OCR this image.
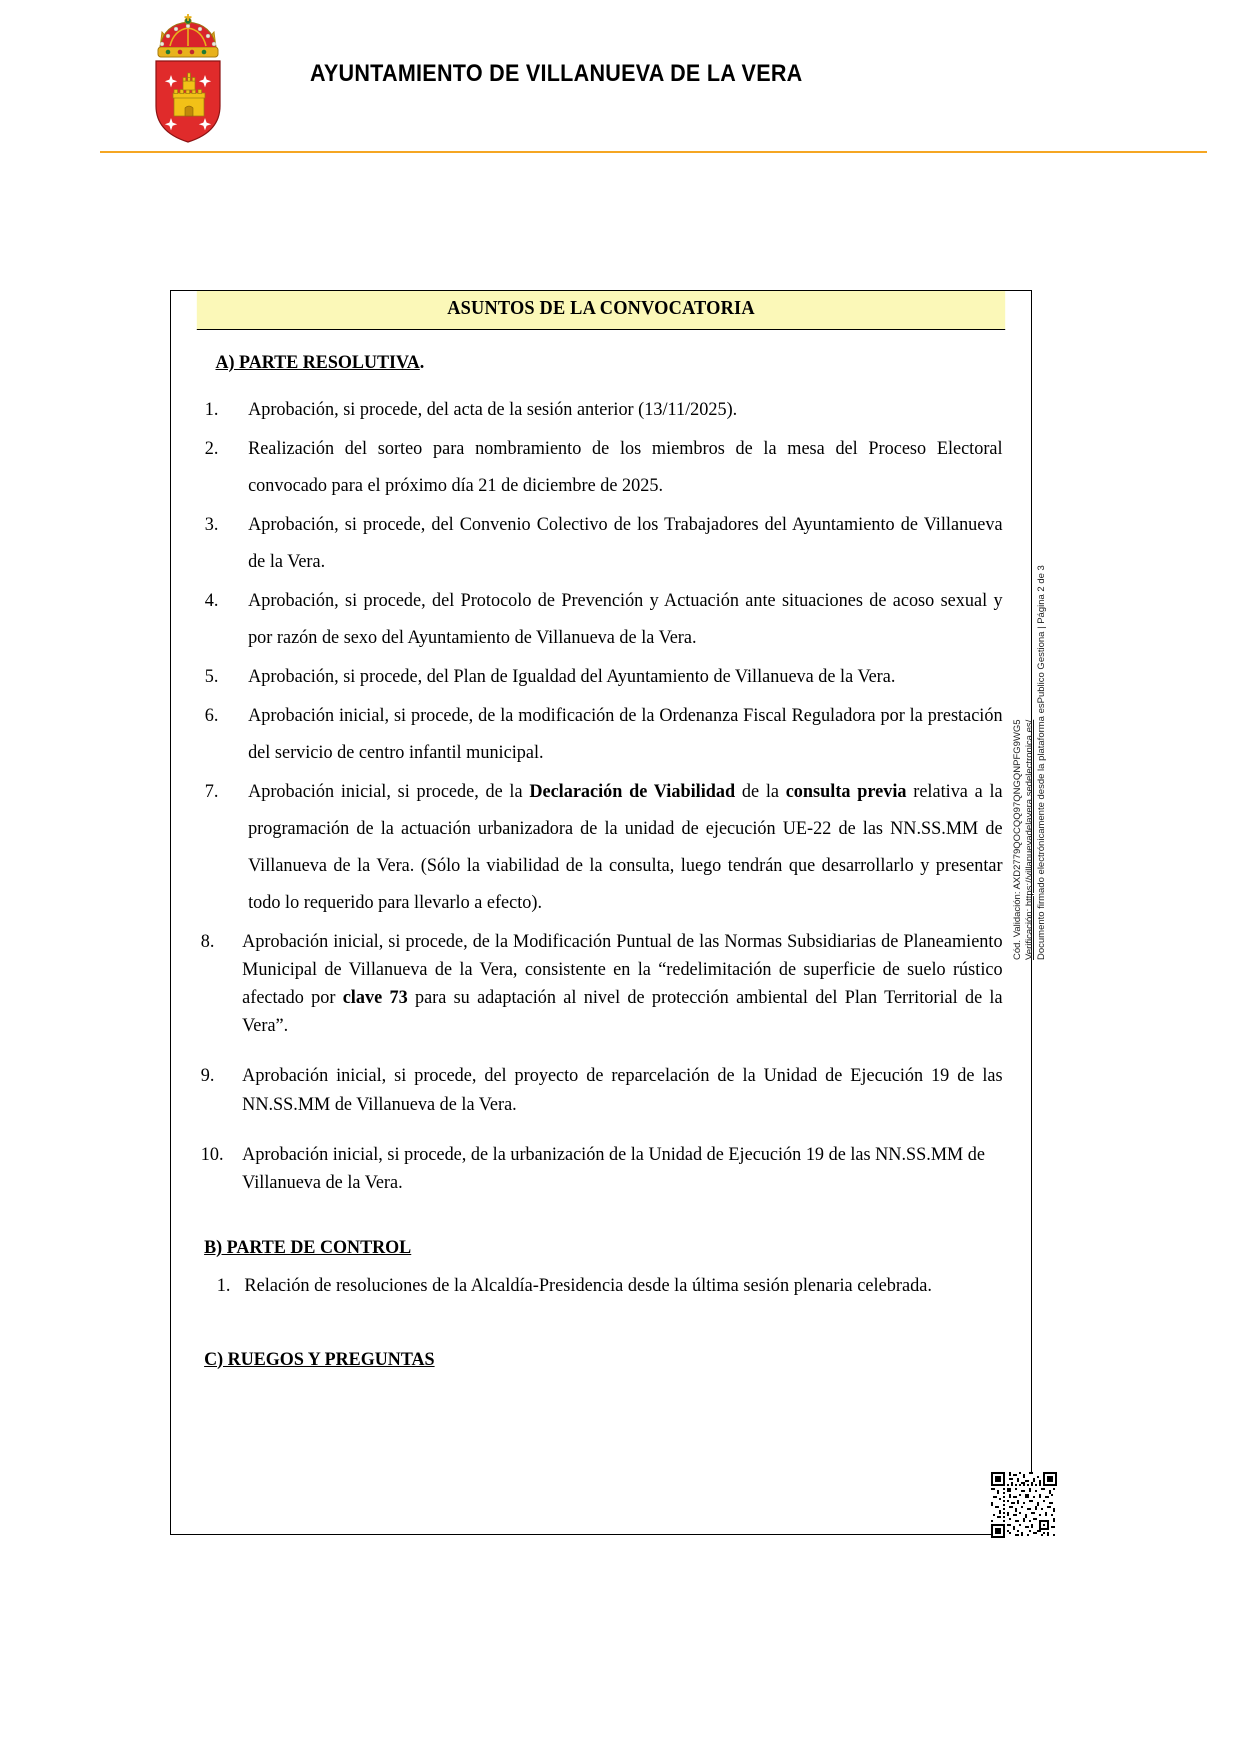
AYUNTAMIENTO DE VILLANUEVA DE LA VERA
ASUNTOS DE LA CONVOCATORIA
A) PARTE RESOLUTIVA.
1.	Aprobación, si procede, del acta de la sesión anterior (13/11/2025).
2.	Realización del sorteo para nombramiento de los miembros de la mesa del Proceso Electoral convocado para el próximo día 21 de diciembre de 2025.
3.	Aprobación, si procede, del Convenio Colectivo de los Trabajadores del Ayuntamiento de Villanueva de la Vera.
4.	Aprobación, si procede, del Protocolo de Prevención y Actuación ante situaciones de acoso sexual y por razón de sexo del Ayuntamiento de Villanueva de la Vera.
5.	Aprobación, si procede, del Plan de Igualdad del Ayuntamiento de Villanueva de la Vera.
6.	Aprobación inicial, si procede, de la modificación de la Ordenanza Fiscal Reguladora por la prestación del servicio de centro infantil municipal.
7.	Aprobación inicial, si procede, de la Declaración de Viabilidad de la consulta previa relativa a la programación de la actuación urbanizadora de la unidad de ejecución UE-22 de las NN.SS.MM de Villanueva de la Vera. (Sólo la viabilidad de la consulta, luego tendrán que desarrollarlo y presentar todo lo requerido para llevarlo a efecto).
8.	Aprobación inicial, si procede, de la Modificación Puntual de las Normas Subsidiarias de Planeamiento Municipal de Villanueva de la Vera, consistente en la “redelimitación de superficie de suelo rústico afectado por clave 73 para su adaptación al nivel de protección ambiental del Plan Territorial de la Vera”.
9.	Aprobación inicial, si procede, del proyecto de reparcelación de la Unidad de Ejecución 19 de las NN.SS.MM de Villanueva de la Vera.
10.	Aprobación inicial, si procede, de la urbanización de la Unidad de Ejecución 19 de las NN.SS.MM de Villanueva de la Vera.
B) PARTE DE CONTROL
1. Relación de resoluciones de la Alcaldía-Presidencia desde la última sesión plenaria celebrada.
C) RUEGOS Y PREGUNTAS
Cód. Validación: AXD2779QOCQQ97QNGQNPFG9WG5 Verificación: https://villanuevadelavera.sedelectronica.es/ Documento firmado electrónicamente desde la plataforma esPublico Gestiona | Página 2 de 3
